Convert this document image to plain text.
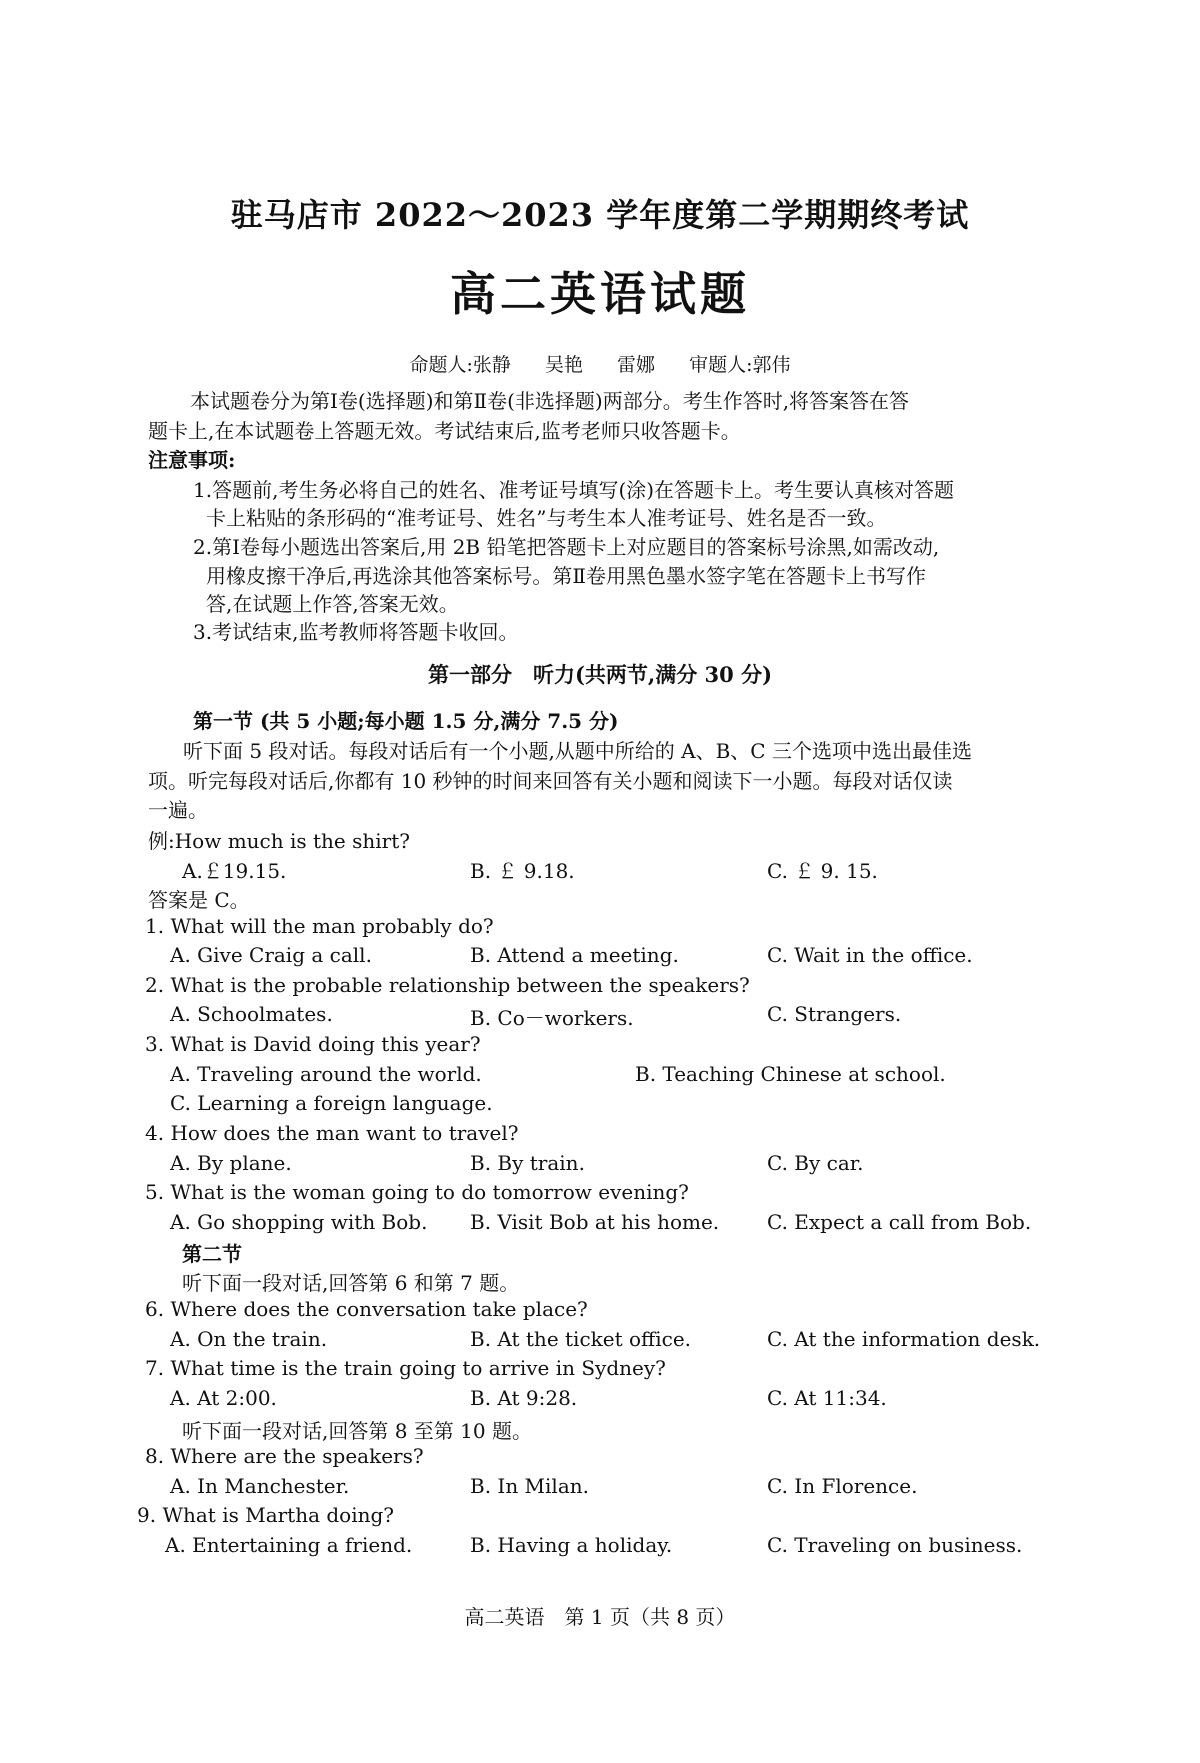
驻马店市 2022～2023 学年度第二学期期终考试
高二英语试题
命题人:张静 吴艳 雷娜 审题人:郭伟
本试题卷分为第Ⅰ卷(选择题)和第Ⅱ卷(非选择题)两部分。考生作答时,将答案答在答
题卡上,在本试题卷上答题无效。考试结束后,监考老师只收答题卡。
注意事项:
1.答题前,考生务必将自己的姓名、准考证号填写(涂)在答题卡上。考生要认真核对答题
卡上粘贴的条形码的“准考证号、姓名”与考生本人准考证号、姓名是否一致。
2.第Ⅰ卷每小题选出答案后,用 2B 铅笔把答题卡上对应题目的答案标号涂黑,如需改动,
用橡皮擦干净后,再选涂其他答案标号。第Ⅱ卷用黑色墨水签字笔在答题卡上书写作
答,在试题上作答,答案无效。
3.考试结束,监考教师将答题卡收回。
第一部分　听力(共两节,满分 30 分)
第一节 (共 5 小题;每小题 1.5 分,满分 7.5 分)
听下面 5 段对话。每段对话后有一个小题,从题中所给的 A、B、C 三个选项中选出最佳选
项。听完每段对话后,你都有 10 秒钟的时间来回答有关小题和阅读下一小题。每段对话仅读
一遍。
例:How much is the shirt?
A.￡19.15.	B. ￡ 9.18.	C. ￡ 9. 15.
答案是 C。
1. What will the man probably do?
A. Give Craig a call.	B. Attend a meeting.	C. Wait in the office.
2. What is the probable relationship between the speakers?
A. Schoolmates.	B. Co－workers.	C. Strangers.
3. What is David doing this year?
A. Traveling around the world.	B. Teaching Chinese at school.
C. Learning a foreign language.
4. How does the man want to travel?
A. By plane.	B. By train.	C. By car.
5. What is the woman going to do tomorrow evening?
A. Go shopping with Bob. B. Visit Bob at his home. C. Expect a call from Bob.
第二节
听下面一段对话,回答第 6 和第 7 题。
6. Where does the conversation take place?
A. On the train.	B. At the ticket office.	C. At the information desk.
7. What time is the train going to arrive in Sydney?
A. At 2:00.	B. At 9:28.	C. At 11:34.
听下面一段对话,回答第 8 至第 10 题。
8. Where are the speakers?
A. In Manchester.	B. In Milan.	C. In Florence.
9. What is Martha doing?
A. Entertaining a friend.	B. Having a holiday.	C. Traveling on business.
高二英语　第 1 页（共 8 页）
